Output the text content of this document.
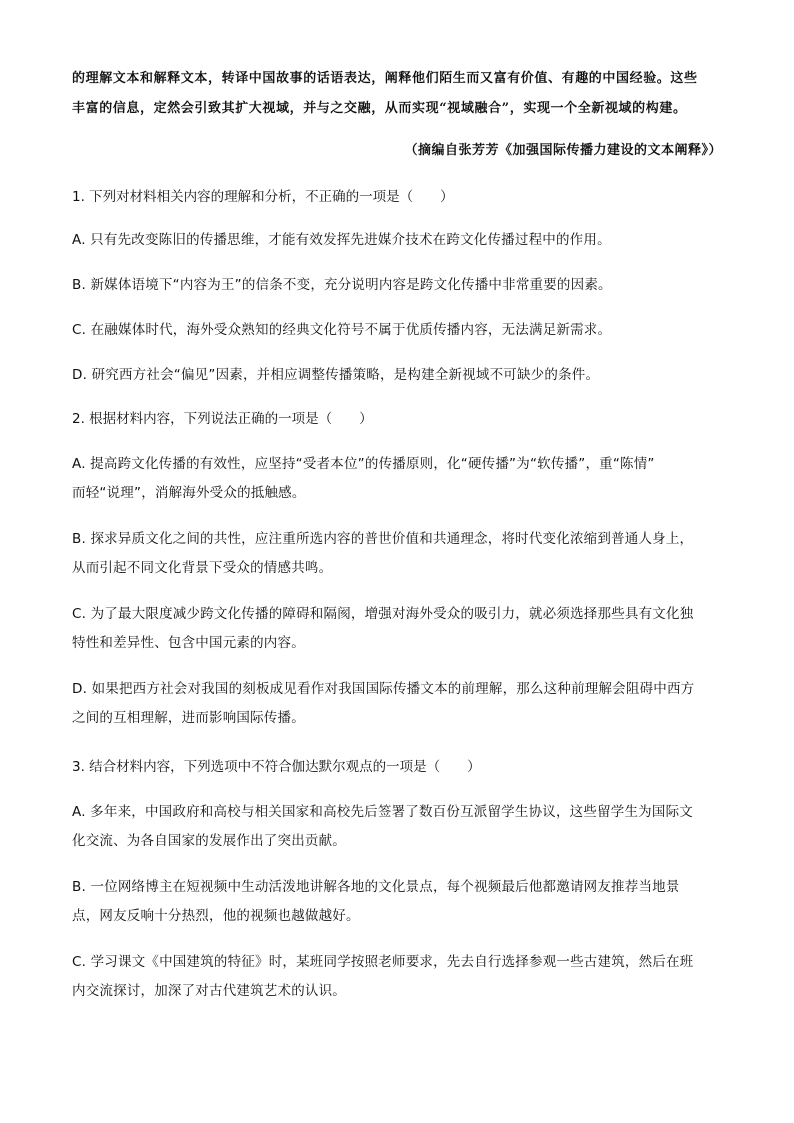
的理解文本和解释文本，转译中国故事的话语表达，阐释他们陌生而又富有价值、有趣的中国经验。这些
丰富的信息，定然会引致其扩大视域，并与之交融，从而实现“视域融合”，实现一个全新视域的构建。
（摘编自张芳芳《加强国际传播力建设的文本阐释》）
1. 下列对材料相关内容的理解和分析，不正确的一项是（　　）
A. 只有先改变陈旧的传播思维，才能有效发挥先进媒介技术在跨文化传播过程中的作用。
B. 新媒体语境下“内容为王”的信条不变，充分说明内容是跨文化传播中非常重要的因素。
C. 在融媒体时代，海外受众熟知的经典文化符号不属于优质传播内容，无法满足新需求。
D. 研究西方社会“偏见”因素，并相应调整传播策略，是构建全新视域不可缺少的条件。
2. 根据材料内容，下列说法正确的一项是（　　）
A. 提高跨文化传播的有效性，应坚持“受者本位”的传播原则，化“硬传播”为“软传播”，重“陈情”
而轻“说理”，消解海外受众的抵触感。
B. 探求异质文化之间的共性，应注重所选内容的普世价值和共通理念，将时代变化浓缩到普通人身上，
从而引起不同文化背景下受众的情感共鸣。
C. 为了最大限度减少跨文化传播的障碍和隔阂，增强对海外受众的吸引力，就必须选择那些具有文化独
特性和差异性、包含中国元素的内容。
D. 如果把西方社会对我国的刻板成见看作对我国国际传播文本的前理解，那么这种前理解会阻碍中西方
之间的互相理解，进而影响国际传播。
3. 结合材料内容，下列选项中不符合伽达默尔观点的一项是（　　）
A. 多年来，中国政府和高校与相关国家和高校先后签署了数百份互派留学生协议，这些留学生为国际文
化交流、为各自国家的发展作出了突出贡献。
B. 一位网络博主在短视频中生动活泼地讲解各地的文化景点，每个视频最后他都邀请网友推荐当地景
点，网友反响十分热烈，他的视频也越做越好。
C. 学习课文《中国建筑的特征》时，某班同学按照老师要求，先去自行选择参观一些古建筑，然后在班
内交流探讨，加深了对古代建筑艺术的认识。
